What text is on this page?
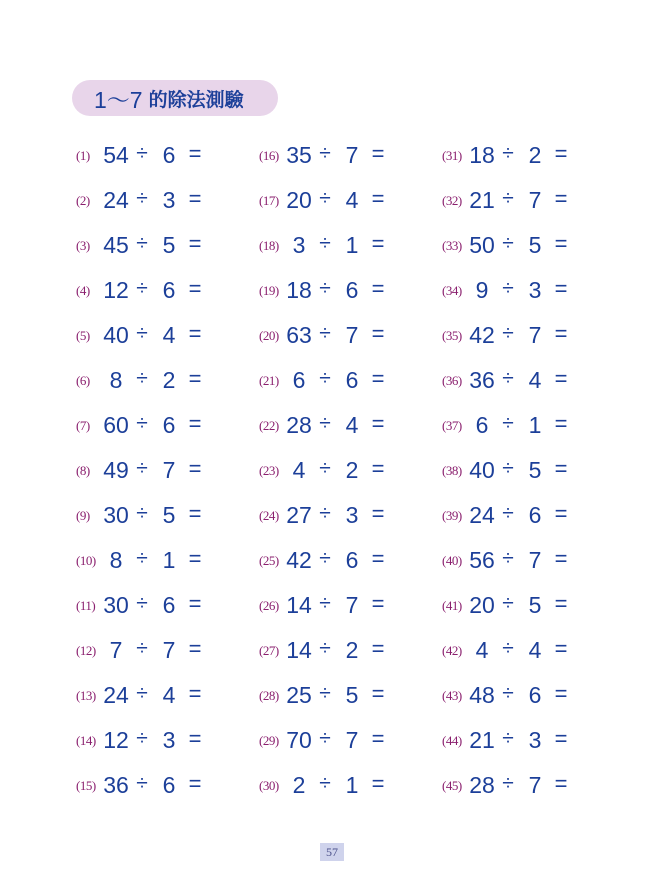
1～7 的除法測驗
(1) 54 ÷ 6 =
(2) 24 ÷ 3 =
(3) 45 ÷ 5 =
(4) 12 ÷ 6 =
(5) 40 ÷ 4 =
(6) 8 ÷ 2 =
(7) 60 ÷ 6 =
(8) 49 ÷ 7 =
(9) 30 ÷ 5 =
(10) 8 ÷ 1 =
(11) 30 ÷ 6 =
(12) 7 ÷ 7 =
(13) 24 ÷ 4 =
(14) 12 ÷ 3 =
(15) 36 ÷ 6 =
(16) 35 ÷ 7 =
(17) 20 ÷ 4 =
(18) 3 ÷ 1 =
(19) 18 ÷ 6 =
(20) 63 ÷ 7 =
(21) 6 ÷ 6 =
(22) 28 ÷ 4 =
(23) 4 ÷ 2 =
(24) 27 ÷ 3 =
(25) 42 ÷ 6 =
(26) 14 ÷ 7 =
(27) 14 ÷ 2 =
(28) 25 ÷ 5 =
(29) 70 ÷ 7 =
(30) 2 ÷ 1 =
(31) 18 ÷ 2 =
(32) 21 ÷ 7 =
(33) 50 ÷ 5 =
(34) 9 ÷ 3 =
(35) 42 ÷ 7 =
(36) 36 ÷ 4 =
(37) 6 ÷ 1 =
(38) 40 ÷ 5 =
(39) 24 ÷ 6 =
(40) 56 ÷ 7 =
(41) 20 ÷ 5 =
(42) 4 ÷ 4 =
(43) 48 ÷ 6 =
(44) 21 ÷ 3 =
(45) 28 ÷ 7 =
57
